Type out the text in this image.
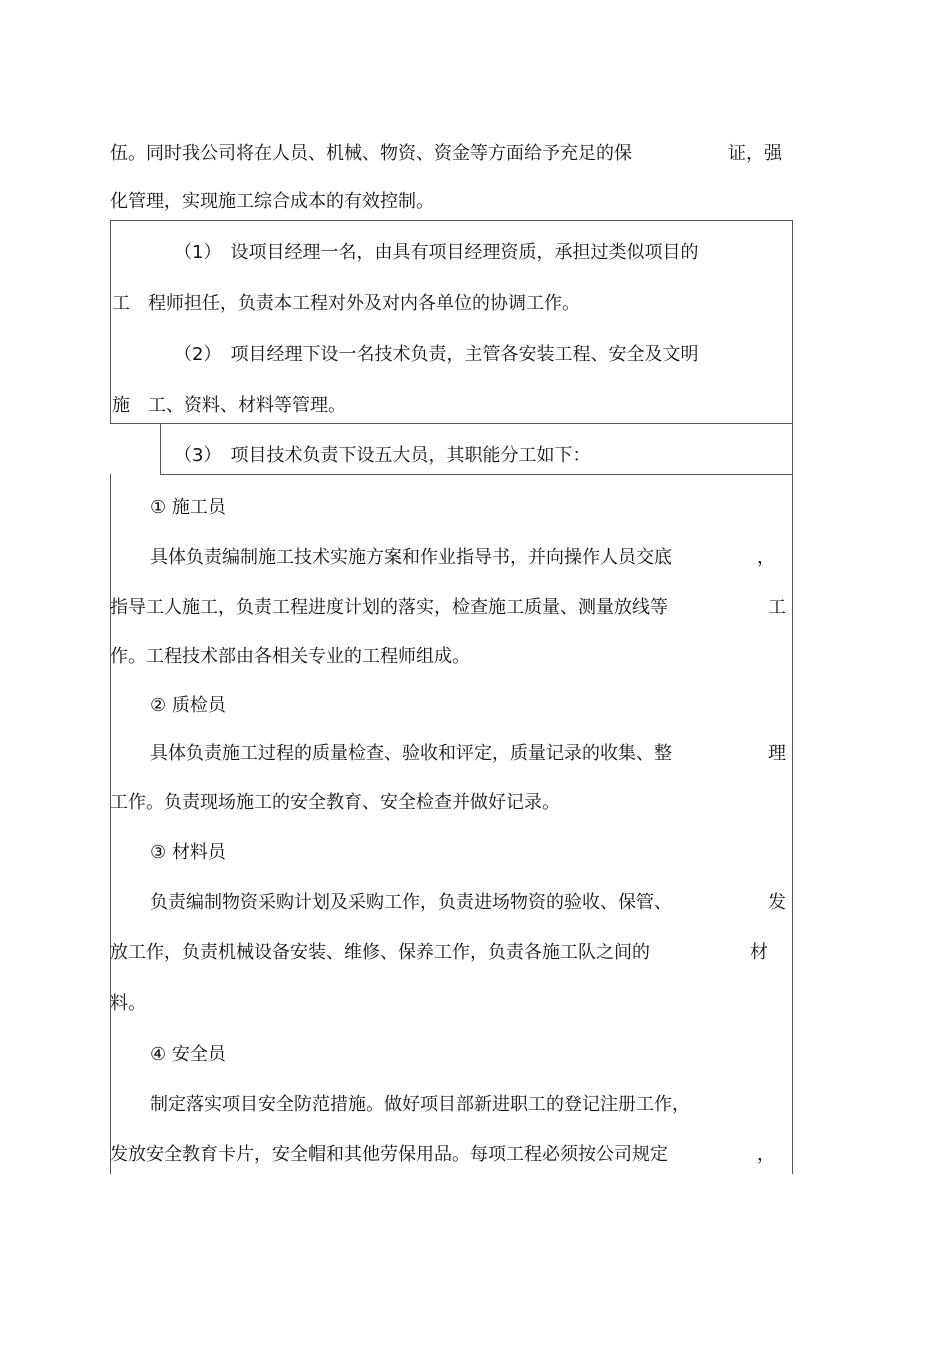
伍。同时我公司将在人员、机械、物资、资金等方面给予充足的保	证，强
化管理，实现施工综合成本的有效控制。
（1）　设项目经理一名，由具有项目经理资质，承担过类似项目的
工　程师担任，负责本工程对外及对内各单位的协调工作。
（2）　项目经理下设一名技术负责，主管各安装工程、安全及文明
施　工、资料、材料等管理。
（3）　项目技术负责下设五大员，其职能分工如下：
① 施工员
具体负责编制施工技术实施方案和作业指导书，并向操作人员交底	，
指导工人施工，负责工程进度计划的落实，检查施工质量、测量放线等	工
作。工程技术部由各相关专业的工程师组成。
② 质检员
具体负责施工过程的质量检查、验收和评定，质量记录的收集、整	理
工作。负责现场施工的安全教育、安全检查并做好记录。
③ 材料员
负责编制物资采购计划及采购工作，负责进场物资的验收、保管、	发
放工作，负责机械设备安装、维修、保养工作，负责各施工队之间的	材
料。
④ 安全员
制定落实项目安全防范措施。做好项目部新进职工的登记注册工作，
发放安全教育卡片，安全帽和其他劳保用品。每项工程必须按公司规定	，
